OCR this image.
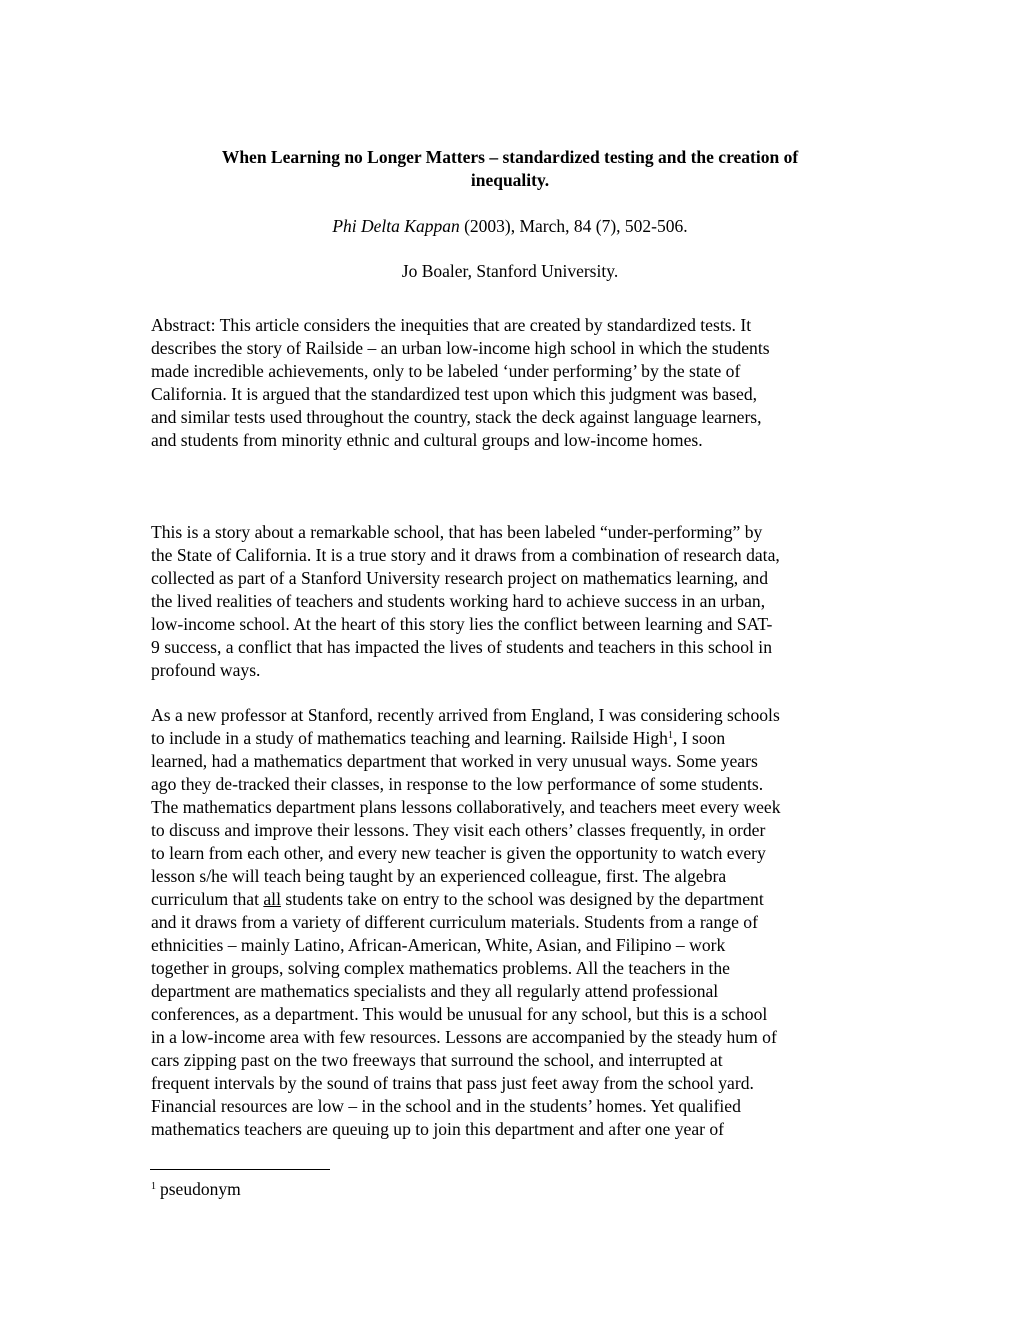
When Learning no Longer Matters – standardized testing and the creation of
inequality.

Phi Delta Kappan (2003), March, 84 (7), 502-506.

Jo Boaler, Stanford University.

Abstract: This article considers the inequities that are created by standardized tests. It
describes the story of Railside – an urban low-income high school in which the students
made incredible achievements, only to be labeled ‘under performing’ by the state of
California. It is argued that the standardized test upon which this judgment was based,
and similar tests used throughout the country, stack the deck against language learners,
and students from minority ethnic and cultural groups and low-income homes.
This is a story about a remarkable school, that has been labeled “under-performing” by
the State of California. It is a true story and it draws from a combination of research data,
collected as part of a Stanford University research project on mathematics learning, and
the lived realities of teachers and students working hard to achieve success in an urban,
low-income school. At the heart of this story lies the conflict between learning and SAT-
9 success, a conflict that has impacted the lives of students and teachers in this school in
profound ways.
As a new professor at Stanford, recently arrived from England, I was considering schools
to include in a study of mathematics teaching and learning. Railside High$^1$, I soon
learned, had a mathematics department that worked in very unusual ways. Some years
ago they de-tracked their classes, in response to the low performance of some students.
The mathematics department plans lessons collaboratively, and teachers meet every week
to discuss and improve their lessons. They visit each others’ classes frequently, in order
to learn from each other, and every new teacher is given the opportunity to watch every
lesson s/he will teach being taught by an experienced colleague, first. The algebra
curriculum that all students take on entry to the school was designed by the department
and it draws from a variety of different curriculum materials. Students from a range of
ethnicities – mainly Latino, African-American, White, Asian, and Filipino – work
together in groups, solving complex mathematics problems. All the teachers in the
department are mathematics specialists and they all regularly attend professional
conferences, as a department. This would be unusual for any school, but this is a school
in a low-income area with few resources. Lessons are accompanied by the steady hum of
cars zipping past on the two freeways that surround the school, and interrupted at
frequent intervals by the sound of trains that pass just feet away from the school yard.
Financial resources are low – in the school and in the students’ homes. Yet qualified
mathematics teachers are queuing up to join this department and after one year of

$^1$ pseudonym
